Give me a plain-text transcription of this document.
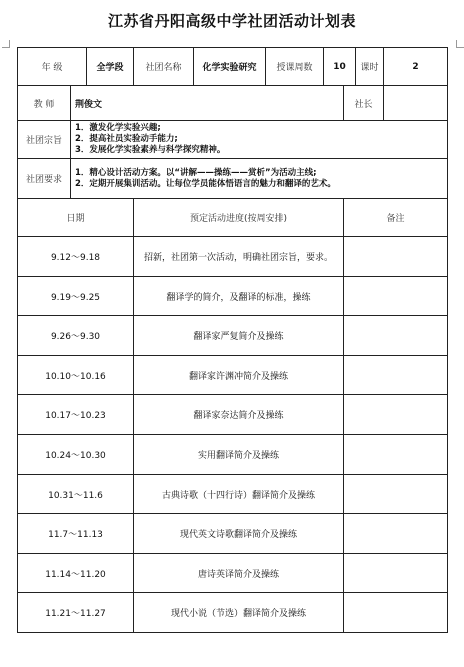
江苏省丹阳高级中学社团活动计划表
年 级		全学段	社团名称	化学实验研究	授课周数	10		课时	2
教 师	荆俊文						社长		
社团宗旨	1．激发化学实验兴趣;
2．提高社员实验动手能力;
3．发展化学实验素养与科学探究精神。								

社团要求	1．精心设计活动方案。以“讲解——操练——赏析”为活动主线;
2．定期开展集训活动。让每位学员能体悟语言的魅力和翻译的艺术。								

日期			预定活动进度(按周安排)				备注		
9.12～9.18			招新，社团第一次活动，明确社团宗旨，要求。						
9.19～9.25			翻译学的简介，及翻译的标准，操练						
9.26～9.30			翻译家严复简介及操练						
10.10～10.16			翻译家许渊冲简介及操练						
10.17～10.23			翻译家奈达简介及操练						
10.24～10.30			实用翻译简介及操练						
10.31～11.6			古典诗歌（十四行诗）翻译简介及操练						
11.7～11.13			现代英文诗歌翻译简介及操练						
11.14～11.20			唐诗英译简介及操练						
11.21～11.27			现代小说（节选）翻译简介及操练						
